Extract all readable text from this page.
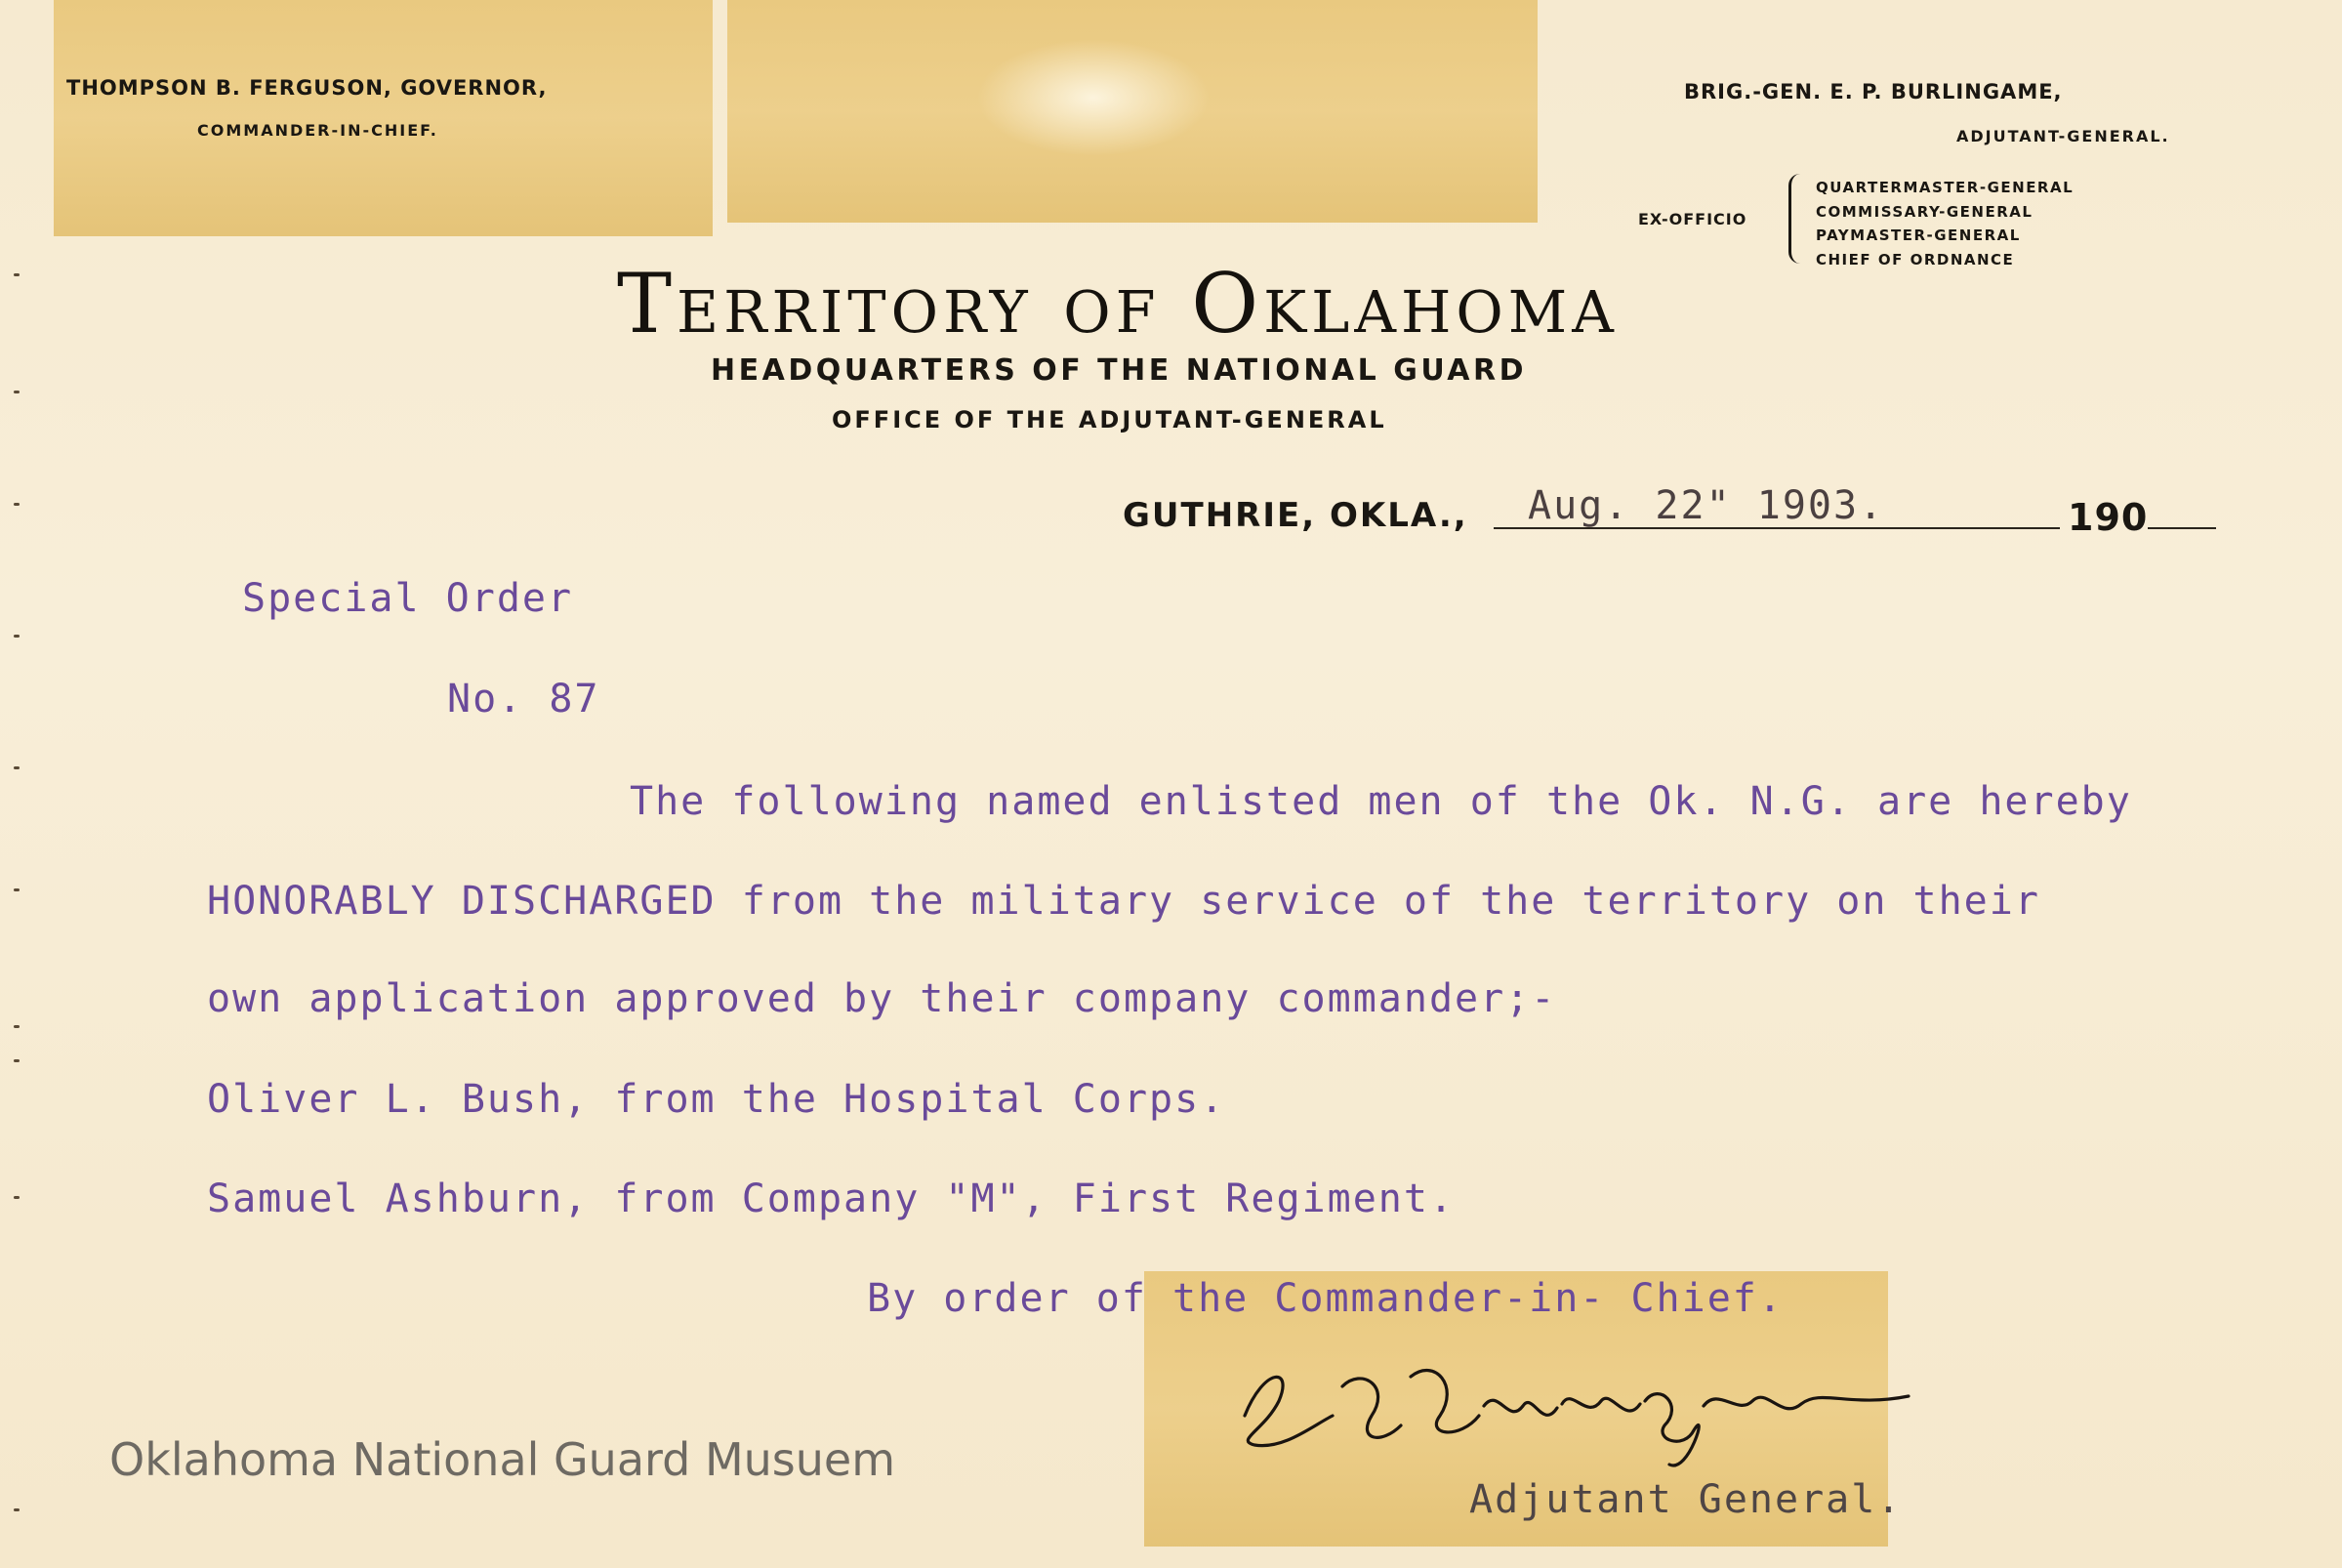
THOMPSON B. FERGUSON, GOVERNOR,
COMMANDER-IN-CHIEF.
BRIG.-GEN. E. P. BURLINGAME,
ADJUTANT-GENERAL.
EX-OFFICIO
QUARTERMASTER-GENERAL
COMMISSARY-GENERAL
PAYMASTER-GENERAL
CHIEF OF ORDNANCE
Territory of Oklahoma
HEADQUARTERS OF THE NATIONAL GUARD
OFFICE OF THE ADJUTANT-GENERAL
GUTHRIE, OKLA., Aug. 22" 1903.	190
Special Order
No. 87
The following named enlisted men of the Ok. N.G. are hereby
HONORABLY DISCHARGED from the military service of the territory on their
own application approved by their company commander;-
Oliver L. Bush, from the Hospital Corps.
Samuel Ashburn, from Company "M", First Regiment.
By order of the Commander-in- Chief.
Adjutant General.
Oklahoma National Guard Musuem
